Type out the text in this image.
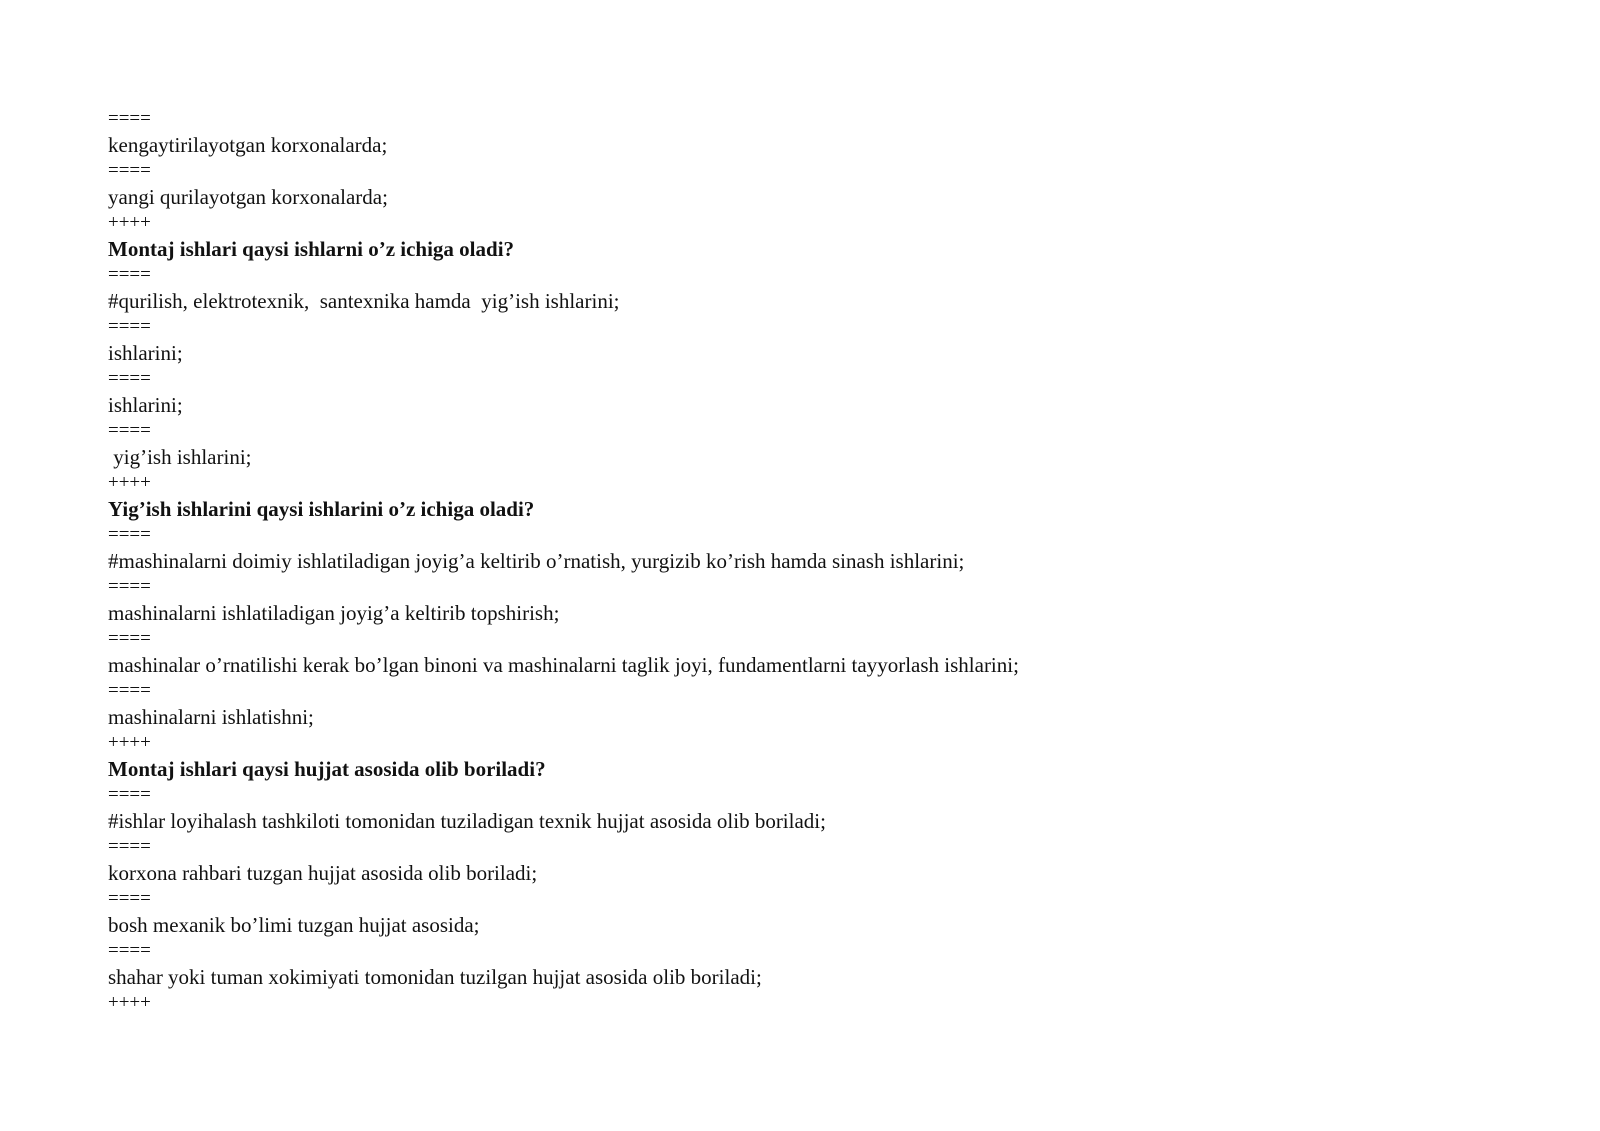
====
kengaytirilayotgan korxonalarda;
====
yangi qurilayotgan korxonalarda;
++++
Montaj ishlari qaysi ishlarni o’z ichiga oladi?
====
#qurilish, elektrotexnik,  santexnika hamda  yig’ish ishlarini;
====
ishlarini;
====
ishlarini;
====
yig’ish ishlarini;
++++
Yig’ish ishlarini qaysi ishlarini o’z ichiga oladi?
====
#mashinalarni doimiy ishlatiladigan joyig’a keltirib o’rnatish, yurgizib ko’rish hamda sinash ishlarini;
====
mashinalarni ishlatiladigan joyig’a keltirib topshirish;
====
mashinalar o’rnatilishi kerak bo’lgan binoni va mashinalarni taglik joyi, fundamentlarni tayyorlash ishlarini;
====
mashinalarni ishlatishni;
++++
Montaj ishlari qaysi hujjat asosida olib boriladi?
====
#ishlar loyihalash tashkiloti tomonidan tuziladigan texnik hujjat asosida olib boriladi;
====
korxona rahbari tuzgan hujjat asosida olib boriladi;
====
bosh mexanik bo’limi tuzgan hujjat asosida;
====
shahar yoki tuman xokimiyati tomonidan tuzilgan hujjat asosida olib boriladi;
++++
